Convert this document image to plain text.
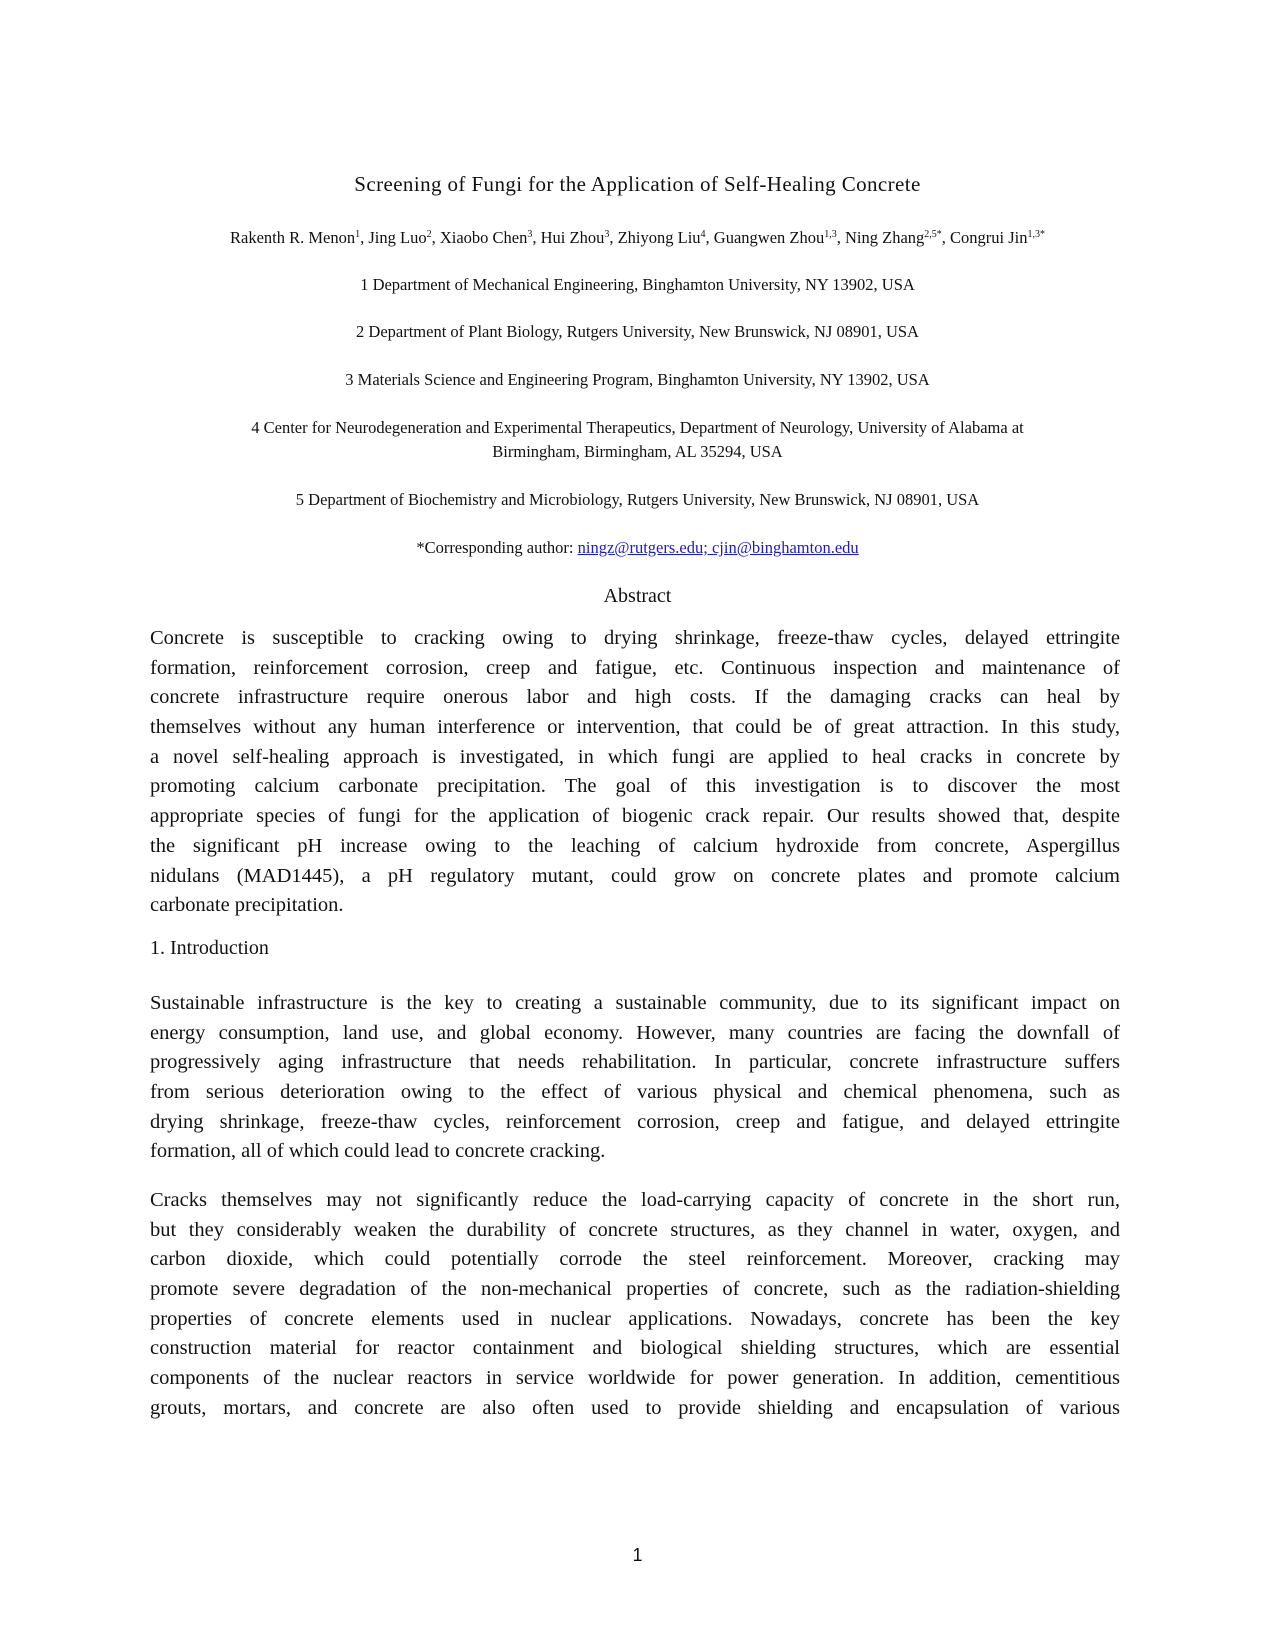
Screening of Fungi for the Application of Self-Healing Concrete
Rakenth R. Menon$^1$, Jing Luo$^2$, Xiaobo Chen$^3$, Hui Zhou$^3$, Zhiyong Liu$^4$, Guangwen Zhou$^{1,3}$, Ning Zhang$^{2,5*}$, Congrui Jin$^{1,3*}$
1 Department of Mechanical Engineering, Binghamton University, NY 13902, USA
2 Department of Plant Biology, Rutgers University, New Brunswick, NJ 08901, USA
3 Materials Science and Engineering Program, Binghamton University, NY 13902, USA
4 Center for Neurodegeneration and Experimental Therapeutics, Department of Neurology, University of Alabama at
Birmingham, Birmingham, AL 35294, USA
5 Department of Biochemistry and Microbiology, Rutgers University, New Brunswick, NJ 08901, USA
*Corresponding author: ningz@rutgers.edu; cjin@binghamton.edu
Abstract
Concrete is susceptible to cracking owing to drying shrinkage, freeze-thaw cycles, delayed ettringite
formation, reinforcement corrosion, creep and fatigue, etc. Continuous inspection and maintenance of
concrete infrastructure require onerous labor and high costs. If the damaging cracks can heal by
themselves without any human interference or intervention, that could be of great attraction. In this study,
a novel self-healing approach is investigated, in which fungi are applied to heal cracks in concrete by
promoting calcium carbonate precipitation. The goal of this investigation is to discover the most
appropriate species of fungi for the application of biogenic crack repair. Our results showed that, despite
the significant pH increase owing to the leaching of calcium hydroxide from concrete, Aspergillus
nidulans (MAD1445), a pH regulatory mutant, could grow on concrete plates and promote calcium
carbonate precipitation.
1. Introduction
Sustainable infrastructure is the key to creating a sustainable community, due to its significant impact on
energy consumption, land use, and global economy. However, many countries are facing the downfall of
progressively aging infrastructure that needs rehabilitation. In particular, concrete infrastructure suffers
from serious deterioration owing to the effect of various physical and chemical phenomena, such as
drying shrinkage, freeze-thaw cycles, reinforcement corrosion, creep and fatigue, and delayed ettringite
formation, all of which could lead to concrete cracking.
Cracks themselves may not significantly reduce the load-carrying capacity of concrete in the short run,
but they considerably weaken the durability of concrete structures, as they channel in water, oxygen, and
carbon dioxide, which could potentially corrode the steel reinforcement. Moreover, cracking may
promote severe degradation of the non-mechanical properties of concrete, such as the radiation-shielding
properties of concrete elements used in nuclear applications. Nowadays, concrete has been the key
construction material for reactor containment and biological shielding structures, which are essential
components of the nuclear reactors in service worldwide for power generation. In addition, cementitious
grouts, mortars, and concrete are also often used to provide shielding and encapsulation of various
1
